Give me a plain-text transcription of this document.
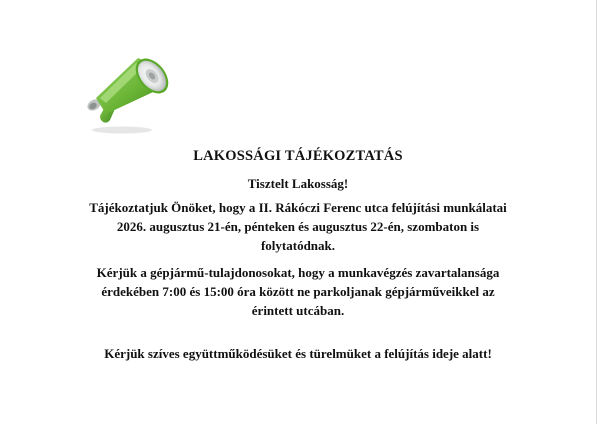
LAKOSSÁGI TÁJÉKOZTATÁS
Tisztelt Lakosság!
Tájékoztatjuk Önöket, hogy a II. Rákóczi Ferenc utca felújítási munkálatai
2026. augusztus 21-én, pénteken és augusztus 22-én, szombaton is
folytatódnak.
Kérjük a gépjármű-tulajdonosokat, hogy a munkavégzés zavartalansága
érdekében 7:00 és 15:00 óra között ne parkoljanak gépjárműveikkel az
érintett utcában.
Kérjük szíves együttműködésüket és türelmüket a felújítás ideje alatt!
